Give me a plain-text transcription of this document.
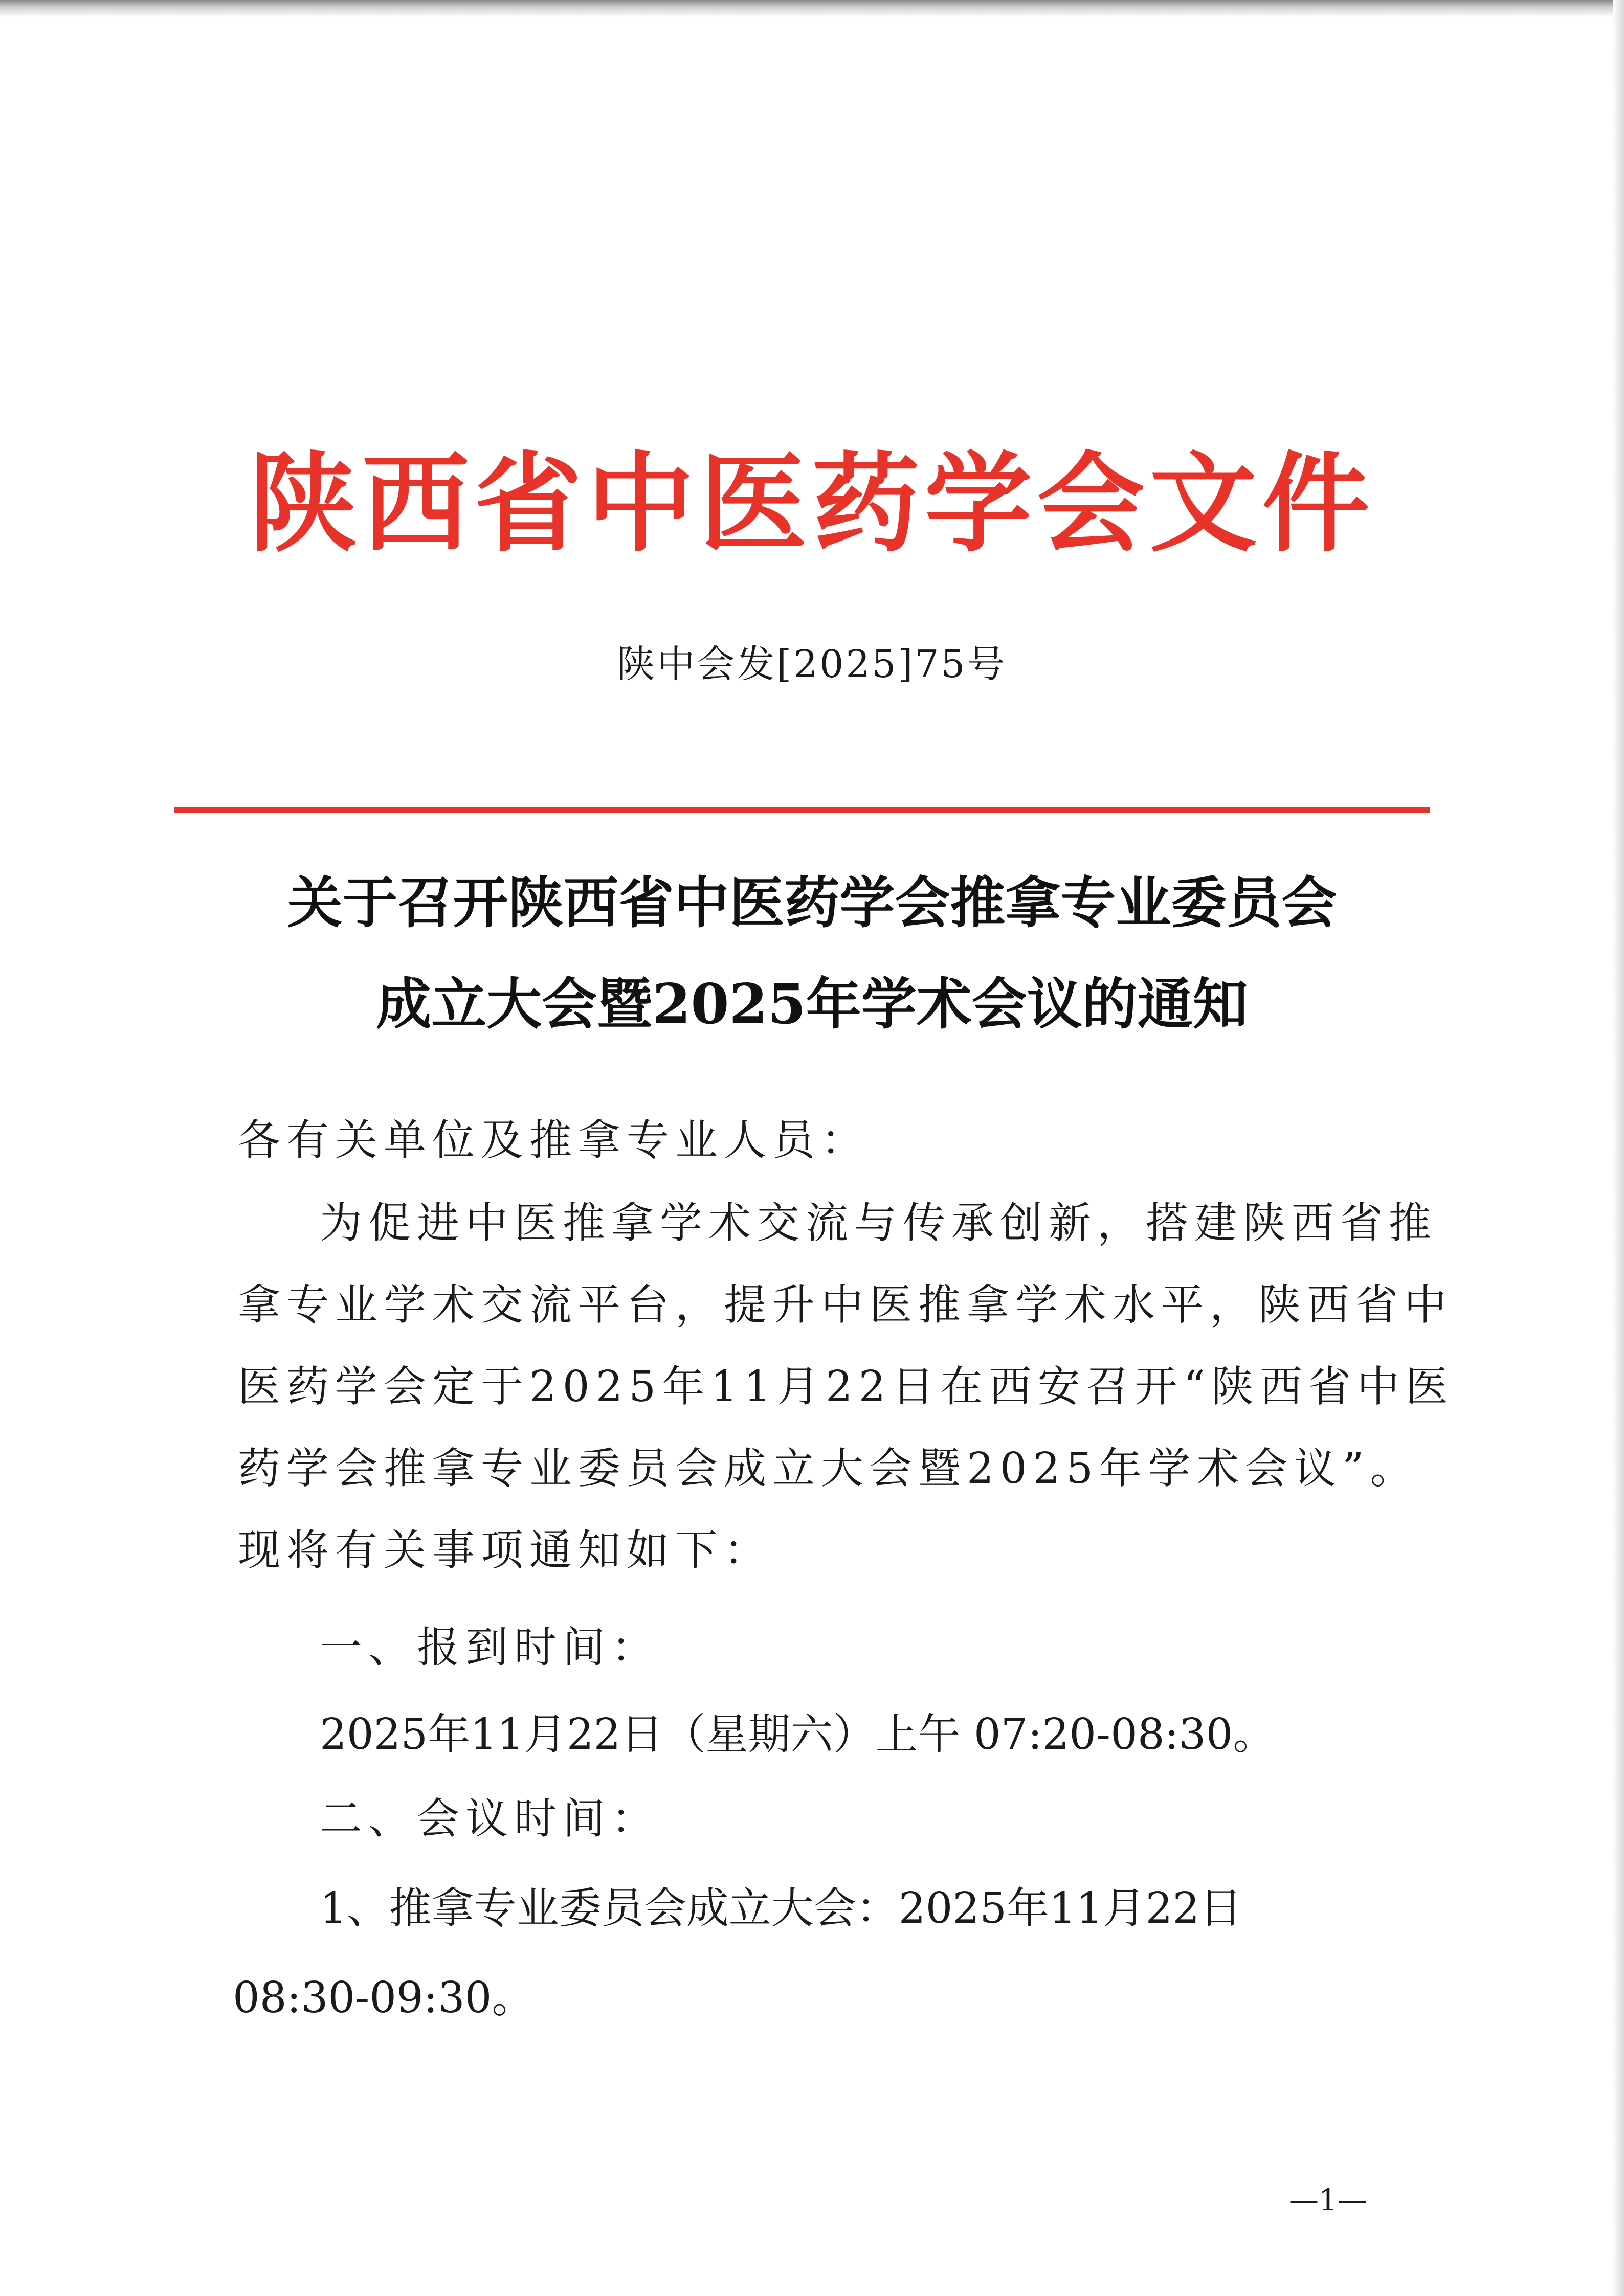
陕西省中医药学会文件
陕中会发[2025]75号
关于召开陕西省中医药学会推拿专业委员会
成立大会暨2025年学术会议的通知
各有关单位及推拿专业人员：
为促进中医推拿学术交流与传承创新，搭建陕西省推
拿专业学术交流平台，提升中医推拿学术水平，陕西省中
医药学会定于2025年11月22日在西安召开“陕西省中医
药学会推拿专业委员会成立大会暨2025年学术会议”。
现将有关事项通知如下：
一、报到时间：
2025年11月22日（星期六）上午 07:20-08:30。
二、会议时间：
1、推拿专业委员会成立大会：2025年11月22日
08:30-09:30。
—1—
